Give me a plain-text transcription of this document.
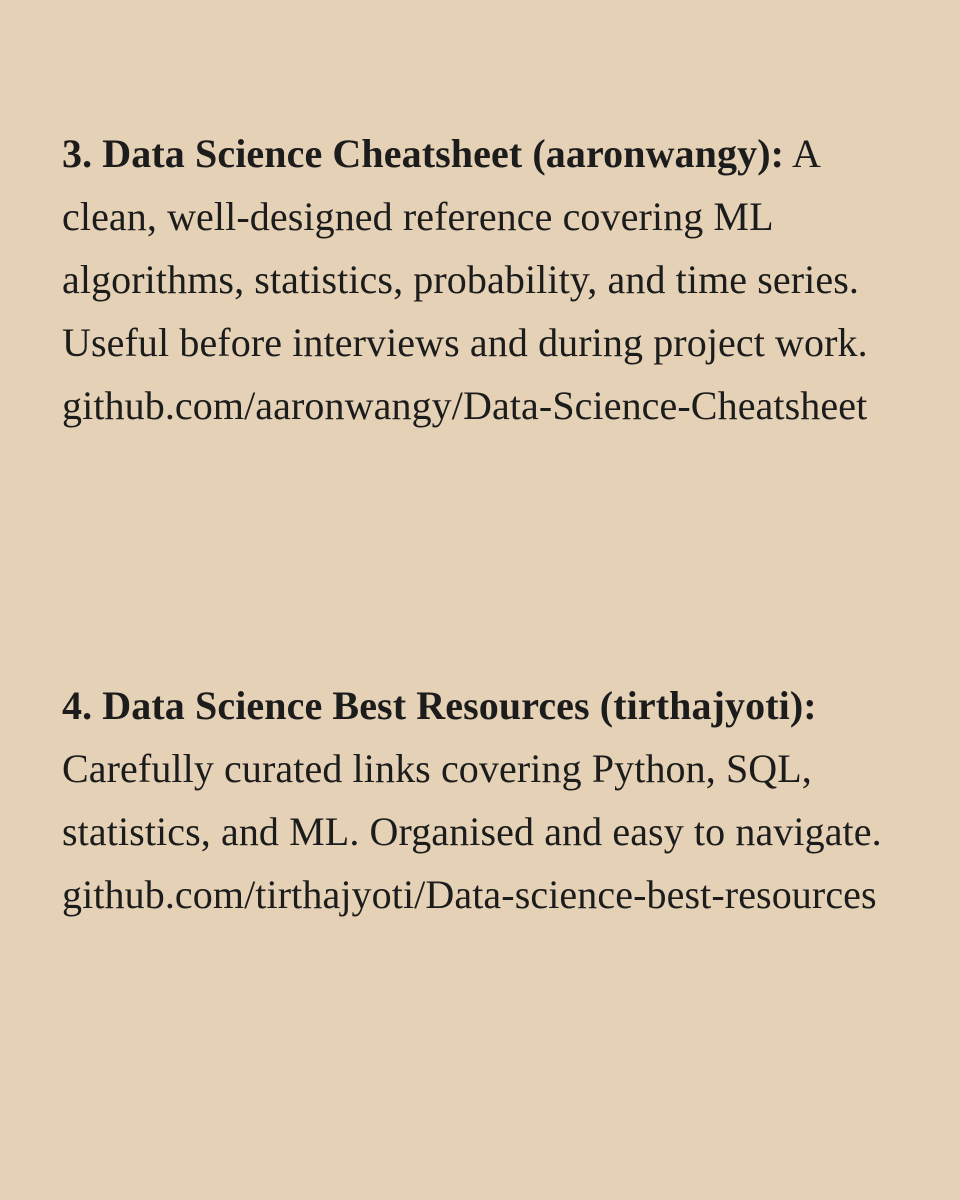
3. Data Science Cheatsheet (aaronwangy): A clean, well-designed reference covering ML algorithms, statistics, probability, and time series. Useful before interviews and during project work. github.com/aaronwangy/Data-Science-Cheatsheet

4. Data Science Best Resources (tirthajyoti): Carefully curated links covering Python, SQL, statistics, and ML. Organised and easy to navigate. github.com/tirthajyoti/Data-science-best-resources
